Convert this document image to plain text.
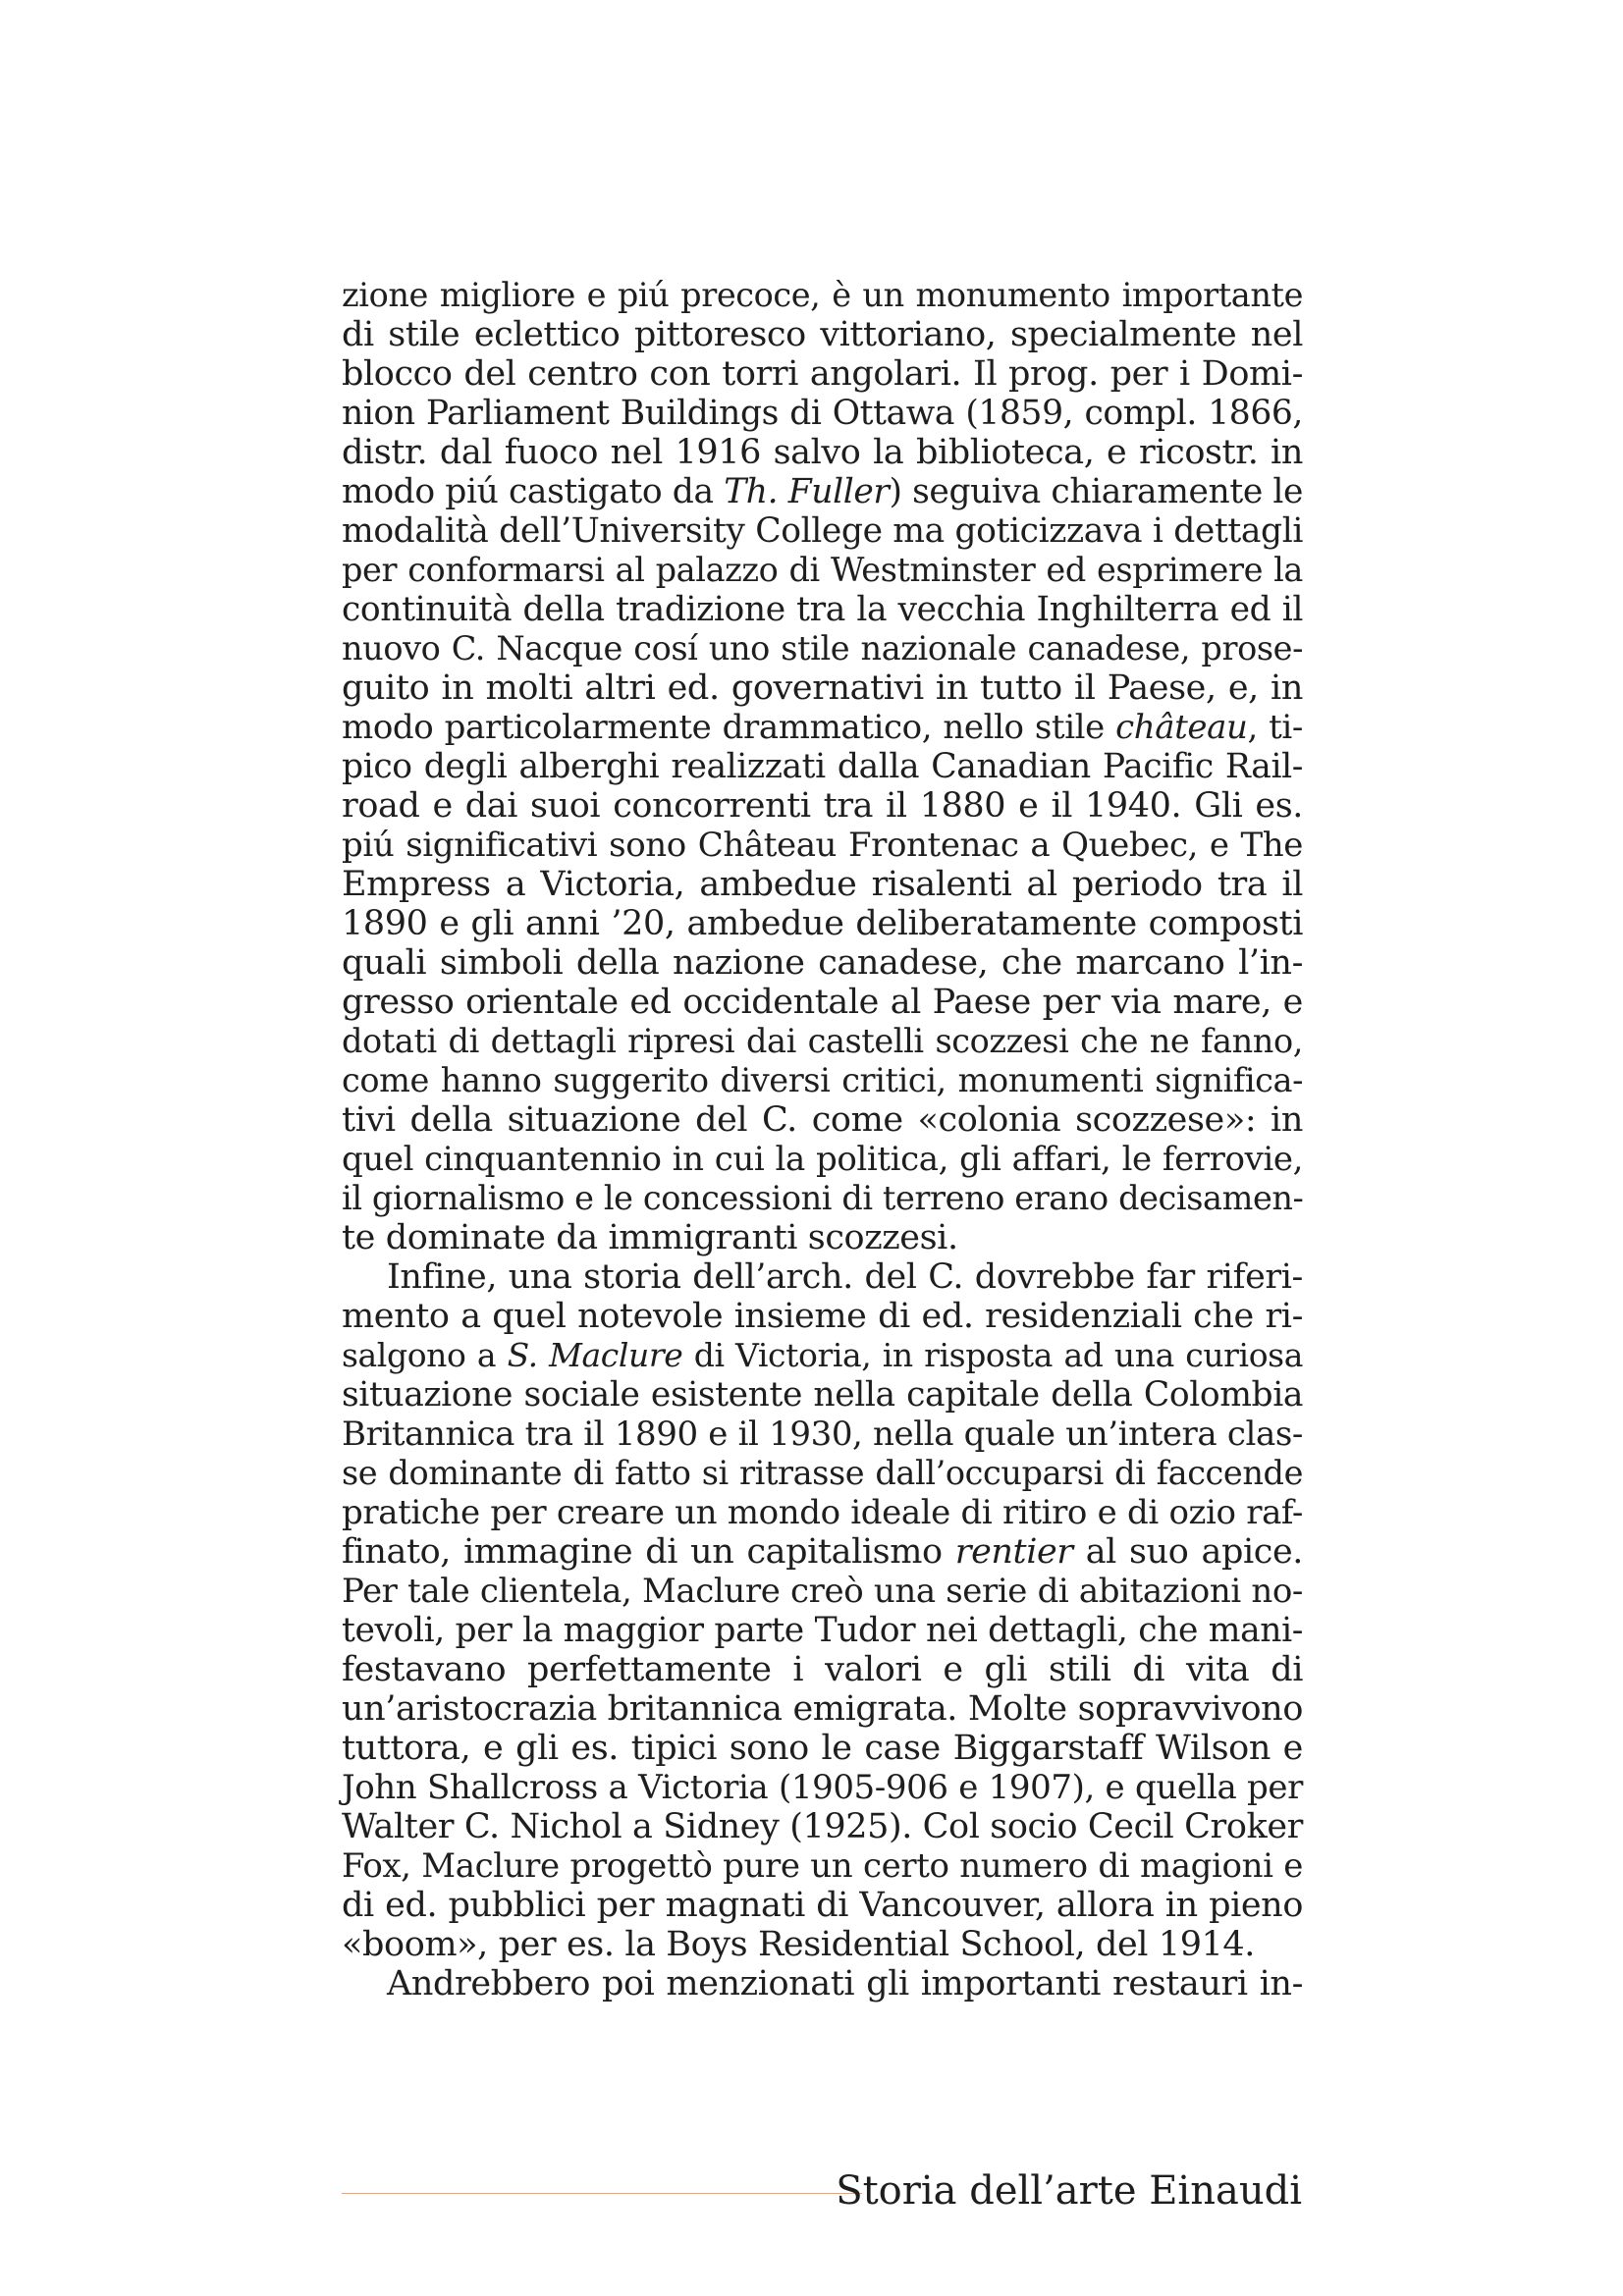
zione migliore e piú precoce, è un monumento importante
di stile eclettico pittoresco vittoriano, specialmente nel
blocco del centro con torri angolari. Il prog. per i Domi-
nion Parliament Buildings di Ottawa (1859, compl. 1866,
distr. dal fuoco nel 1916 salvo la biblioteca, e ricostr. in
modo piú castigato da Th. Fuller) seguiva chiaramente le
modalità dell’University College ma goticizzava i dettagli
per conformarsi al palazzo di Westminster ed esprimere la
continuità della tradizione tra la vecchia Inghilterra ed il
nuovo C. Nacque cosí uno stile nazionale canadese, prose-
guito in molti altri ed. governativi in tutto il Paese, e, in
modo particolarmente drammatico, nello stile château, ti-
pico degli alberghi realizzati dalla Canadian Pacific Rail-
road e dai suoi concorrenti tra il 1880 e il 1940. Gli es.
piú significativi sono Château Frontenac a Quebec, e The
Empress a Victoria, ambedue risalenti al periodo tra il
1890 e gli anni ’20, ambedue deliberatamente composti
quali simboli della nazione canadese, che marcano l’in-
gresso orientale ed occidentale al Paese per via mare, e
dotati di dettagli ripresi dai castelli scozzesi che ne fanno,
come hanno suggerito diversi critici, monumenti significa-
tivi della situazione del C. come «colonia scozzese»: in
quel cinquantennio in cui la politica, gli affari, le ferrovie,
il giornalismo e le concessioni di terreno erano decisamen-
te dominate da immigranti scozzesi.
Infine, una storia dell’arch. del C. dovrebbe far riferi-
mento a quel notevole insieme di ed. residenziali che ri-
salgono a S. Maclure di Victoria, in risposta ad una curiosa
situazione sociale esistente nella capitale della Colombia
Britannica tra il 1890 e il 1930, nella quale un’intera clas-
se dominante di fatto si ritrasse dall’occuparsi di faccende
pratiche per creare un mondo ideale di ritiro e di ozio raf-
finato, immagine di un capitalismo rentier al suo apice.
Per tale clientela, Maclure creò una serie di abitazioni no-
tevoli, per la maggior parte Tudor nei dettagli, che mani-
festavano perfettamente i valori e gli stili di vita di
un’aristocrazia britannica emigrata. Molte sopravvivono
tuttora, e gli es. tipici sono le case Biggarstaff Wilson e
John Shallcross a Victoria (1905-906 e 1907), e quella per
Walter C. Nichol a Sidney (1925). Col socio Cecil Croker
Fox, Maclure progettò pure un certo numero di magioni e
di ed. pubblici per magnati di Vancouver, allora in pieno
«boom», per es. la Boys Residential School, del 1914.
Andrebbero poi menzionati gli importanti restauri in-
Storia dell’arte Einaudi
